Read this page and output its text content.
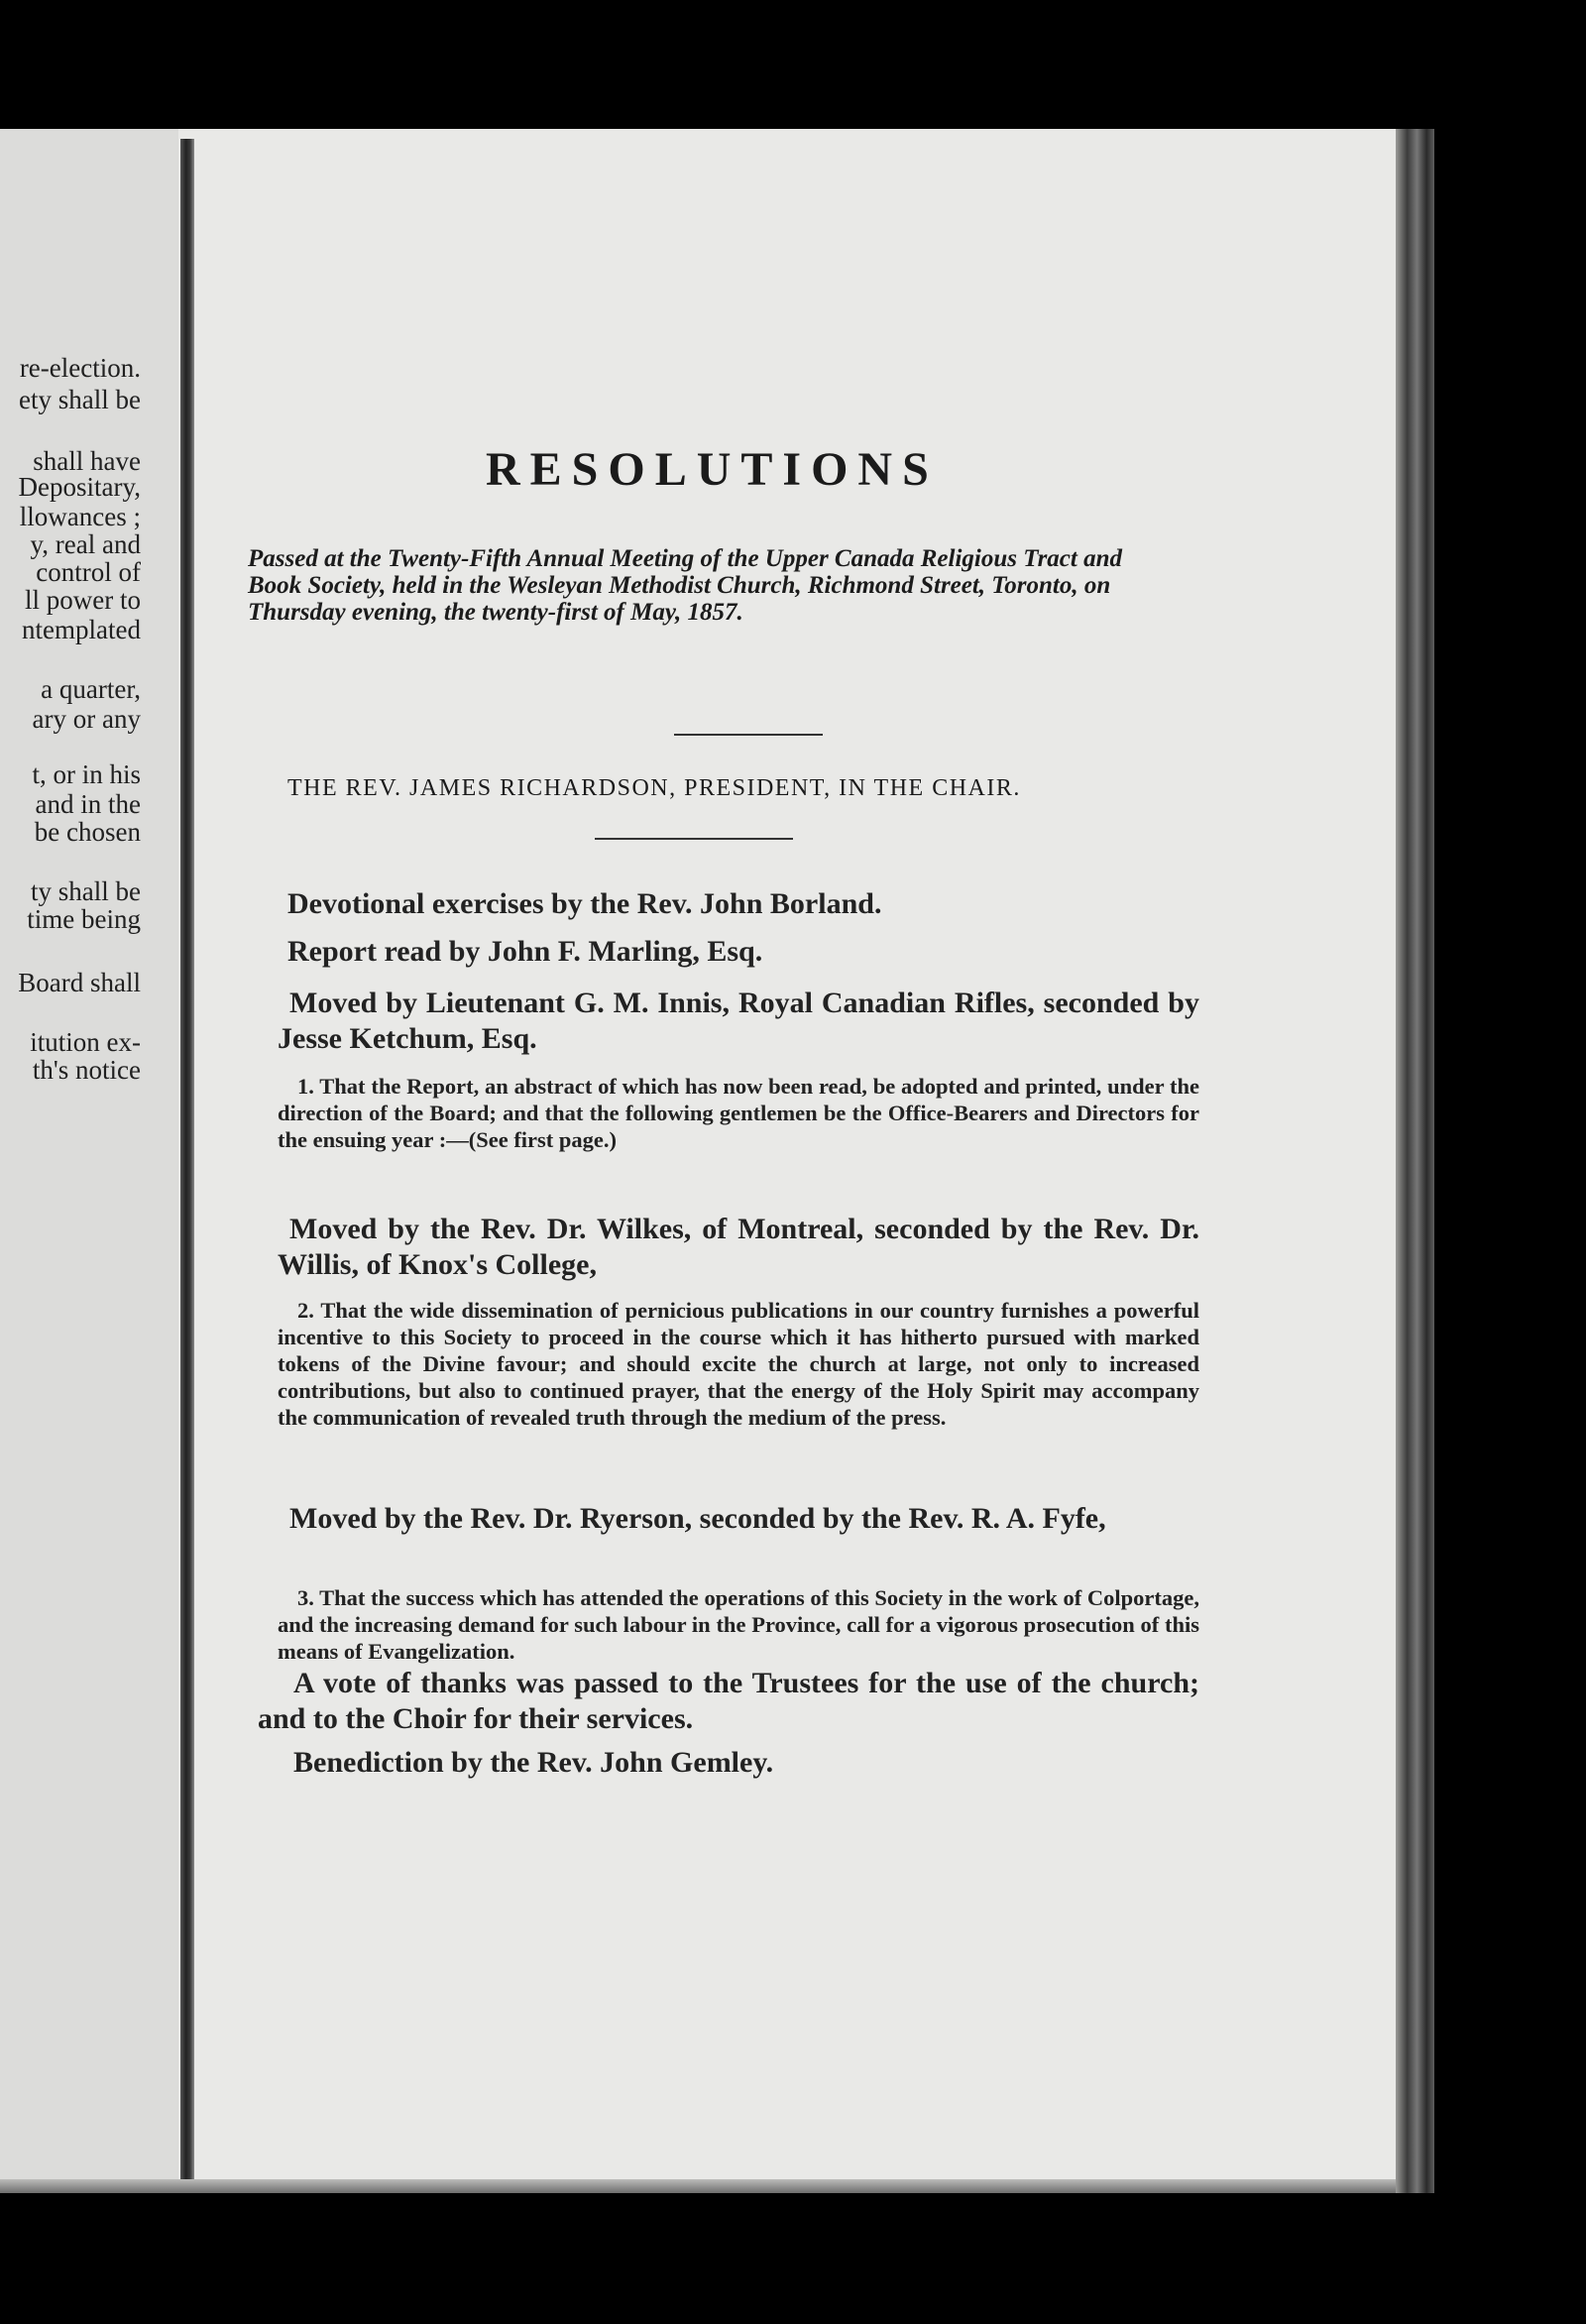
re-election.
ety shall be
shall have
Depositary,
llowances ;
y, real and
control of
ll power to
ntemplated
a quarter,
ary or any
t, or in his
and in the
be chosen
ty shall be
time being
Board shall
itution ex-
th's notice
RESOLUTIONS
Passed at the Twenty-Fifth Annual Meeting of the Upper Canada Religious Tract and Book Society, held in the Wesleyan Methodist Church, Richmond Street, Toronto, on Thursday evening, the twenty-first of May, 1857.
THE REV. JAMES RICHARDSON, PRESIDENT, IN THE CHAIR.
Devotional exercises by the Rev. John Borland.
Report read by John F. Marling, Esq.
Moved by Lieutenant G. M. Innis, Royal Canadian Rifles, seconded by Jesse Ketchum, Esq.
1. That the Report, an abstract of which has now been read, be adopted and printed, under the direction of the Board; and that the following gentlemen be the Office-Bearers and Directors for the ensuing year :—(See first page.)
Moved by the Rev. Dr. Wilkes, of Montreal, seconded by the Rev. Dr. Willis, of Knox's College,
2. That the wide dissemination of pernicious publications in our country furnishes a powerful incentive to this Society to proceed in the course which it has hitherto pursued with marked tokens of the Divine favour; and should excite the church at large, not only to increased contributions, but also to continued prayer, that the energy of the Holy Spirit may accompany the communication of revealed truth through the medium of the press.
Moved by the Rev. Dr. Ryerson, seconded by the Rev. R. A. Fyfe,
3. That the success which has attended the operations of this Society in the work of Colportage, and the increasing demand for such labour in the Province, call for a vigorous prosecution of this means of Evangelization.
A vote of thanks was passed to the Trustees for the use of the church; and to the Choir for their services.
Benediction by the Rev. John Gemley.
